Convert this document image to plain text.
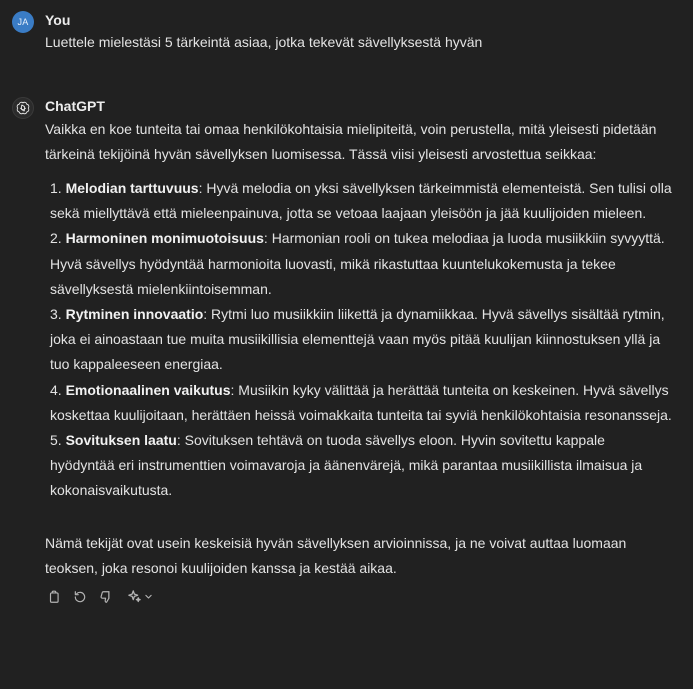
JA	You
Luettele mielestäsi 5 tärkeintä asiaa, jotka tekevät sävellyksestä hyvän
ChatGPT
Vaikka en koe tunteita tai omaa henkilökohtaisia mielipiteitä, voin perustella, mitä yleisesti pidetään tärkeinä tekijöinä hyvän sävellyksen luomisessa. Tässä viisi yleisesti arvostettua seikkaa:
1. Melodian tarttuvuus: Hyvä melodia on yksi sävellyksen tärkeimmistä elementeistä. Sen tulisi olla sekä miellyttävä että mieleenpainuva, jotta se vetoaa laajaan yleisöön ja jää kuulijoiden mieleen.
2. Harmoninen monimuotoisuus: Harmonian rooli on tukea melodiaa ja luoda musiikkiin syvyyttä. Hyvä sävellys hyödyntää harmonioita luovasti, mikä rikastuttaa kuuntelukokemusta ja tekee sävellyksestä mielenkiintoisemman.
3. Rytminen innovaatio: Rytmi luo musiikkiin liikettä ja dynamiikkaa. Hyvä sävellys sisältää rytmin, joka ei ainoastaan tue muita musiikillisia elementtejä vaan myös pitää kuulijan kiinnostuksen yllä ja tuo kappaleeseen energiaa.
4. Emotionaalinen vaikutus: Musiikin kyky välittää ja herättää tunteita on keskeinen. Hyvä sävellys koskettaa kuulijoitaan, herättäen heissä voimakkaita tunteita tai syviä henkilökohtaisia resonansseja.
5. Sovituksen laatu: Sovituksen tehtävä on tuoda sävellys eloon. Hyvin sovitettu kappale hyödyntää eri instrumenttien voimavaroja ja äänenvärejä, mikä parantaa musiikillista ilmaisua ja kokonaisvaikutusta.
Nämä tekijät ovat usein keskeisiä hyvän sävellyksen arvioinnissa, ja ne voivat auttaa luomaan teoksen, joka resonoi kuulijoiden kanssa ja kestää aikaa.
